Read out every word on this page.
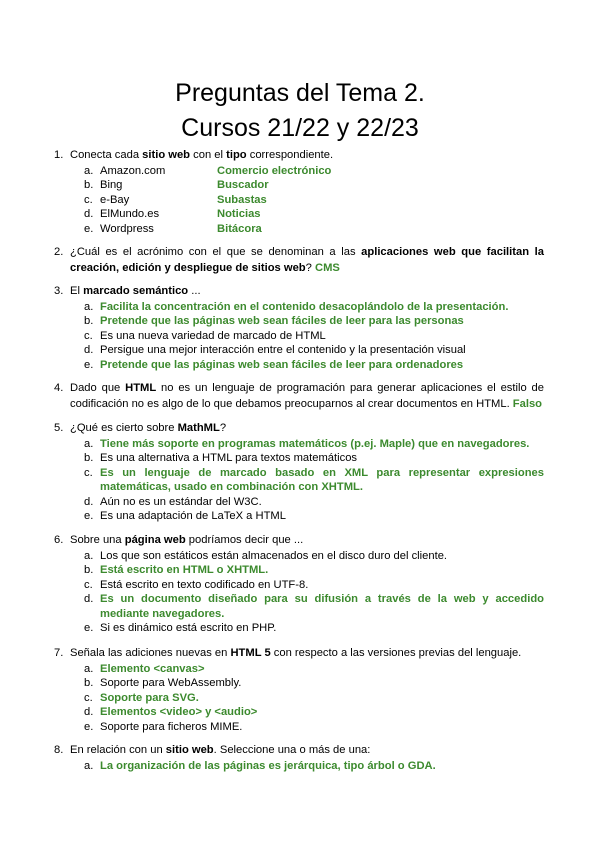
Preguntas del Tema 2.
Cursos 21/22 y 22/23
1. Conecta cada sitio web con el tipo correspondiente.
a. Amazon.com	Comercio electrónico
b. Bing	Buscador
c. e-Bay	Subastas
d. ElMundo.es	Noticias
e. Wordpress	Bitácora
2. ¿Cuál es el acrónimo con el que se denominan a las aplicaciones web que facilitan la creación, edición y despliegue de sitios web? CMS
3. El marcado semántico ...
a. Facilita la concentración en el contenido desacoplándolo de la presentación.
b. Pretende que las páginas web sean fáciles de leer para las personas
c. Es una nueva variedad de marcado de HTML
d. Persigue una mejor interacción entre el contenido y la presentación visual
e. Pretende que las páginas web sean fáciles de leer para ordenadores
4. Dado que HTML no es un lenguaje de programación para generar aplicaciones el estilo de codificación no es algo de lo que debamos preocuparnos al crear documentos en HTML. Falso
5. ¿Qué es cierto sobre MathML?
a. Tiene más soporte en programas matemáticos (p.ej. Maple) que en navegadores.
b. Es una alternativa a HTML para textos matemáticos
c. Es un lenguaje de marcado basado en XML para representar expresiones matemáticas, usado en combinación con XHTML.
d. Aún no es un estándar del W3C.
e. Es una adaptación de LaTeX a HTML
6. Sobre una página web podríamos decir que ...
a. Los que son estáticos están almacenados en el disco duro del cliente.
b. Está escrito en HTML o XHTML.
c. Está escrito en texto codificado en UTF-8.
d. Es un documento diseñado para su difusión a través de la web y accedido mediante navegadores.
e. Si es dinámico está escrito en PHP.
7. Señala las adiciones nuevas en HTML 5 con respecto a las versiones previas del lenguaje.
a. Elemento <canvas>
b. Soporte para WebAssembly.
c. Soporte para SVG.
d. Elementos <video> y <audio>
e. Soporte para ficheros MIME.
8. En relación con un sitio web. Seleccione una o más de una:
a. La organización de las páginas es jerárquica, tipo árbol o GDA.
